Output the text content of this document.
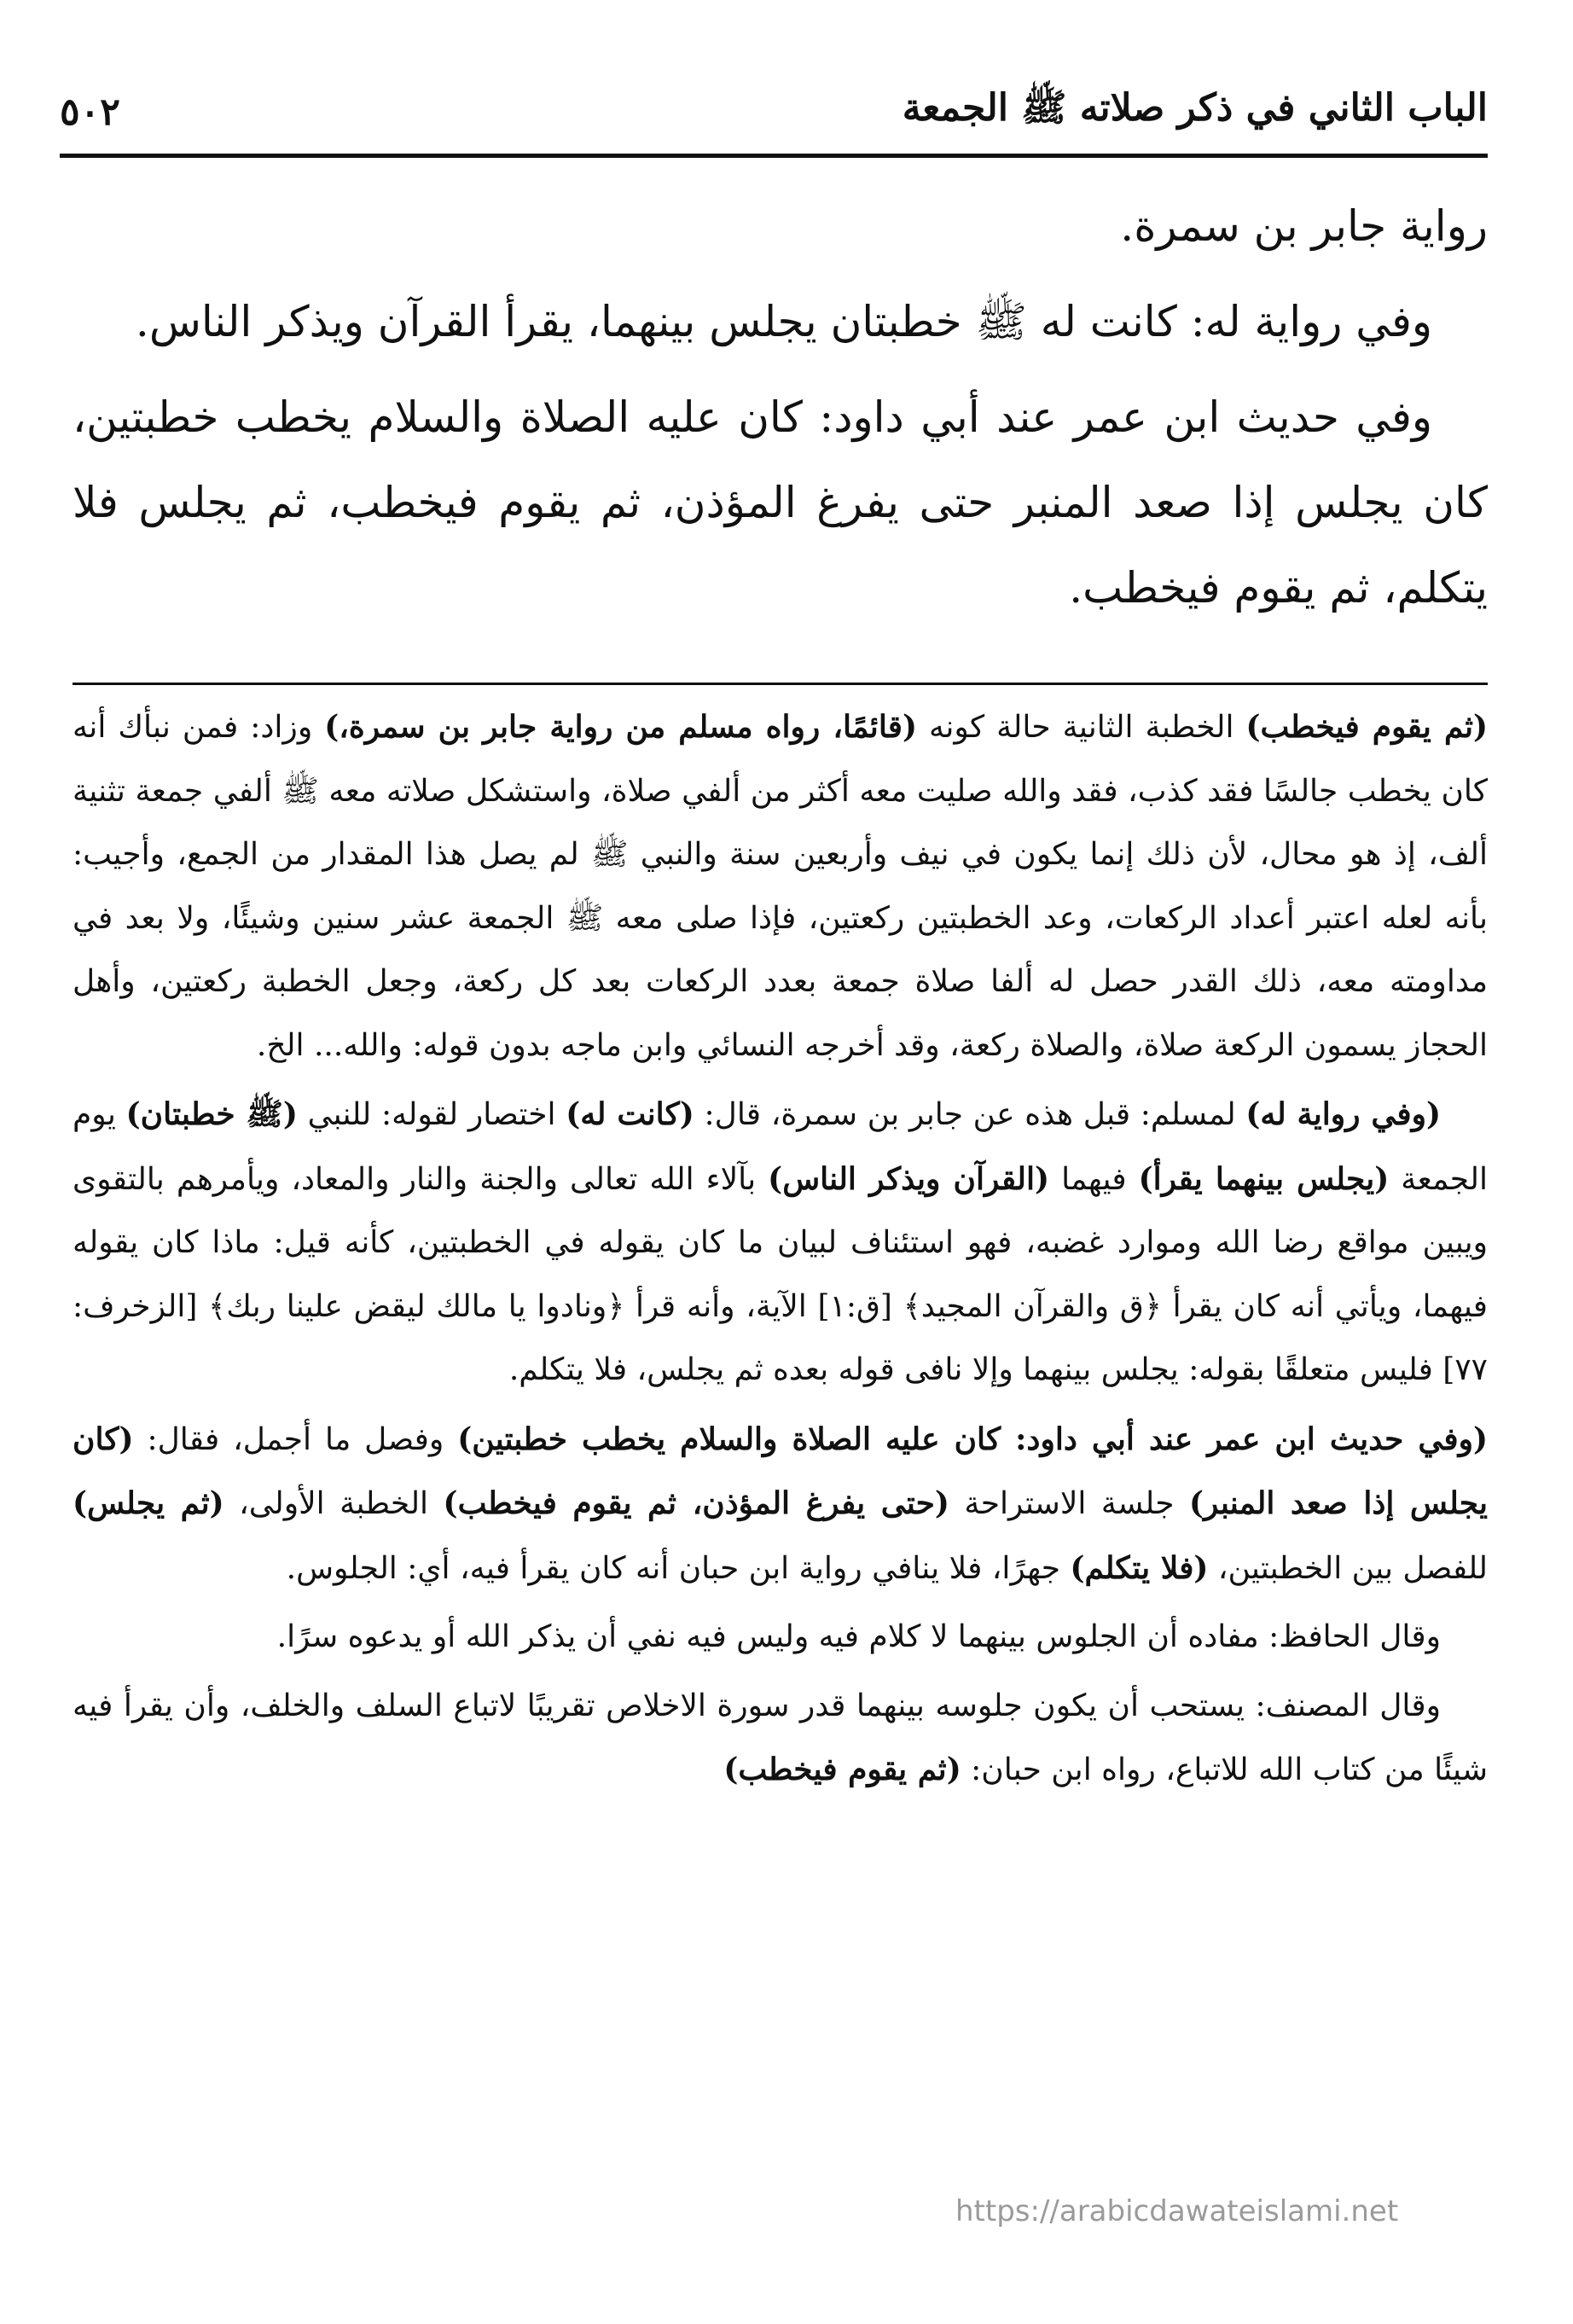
الباب الثاني في ذكر صلاته ﷺ الجمعة
٥٠٢

رواية جابر بن سمرة.

وفي رواية له: كانت له ﷺ خطبتان يجلس بينهما، يقرأ القرآن ويذكر الناس.

وفي حديث ابن عمر عند أبي داود: كان عليه الصلاة والسلام يخطب خطبتين، كان يجلس إذا صعد المنبر حتى يفرغ المؤذن، ثم يقوم فيخطب، ثم يجلس فلا يتكلم، ثم يقوم فيخطب.

(ثم يقوم فيخطب) الخطبة الثانية حالة كونه (قائمًا، رواه مسلم من رواية جابر بن سمرة،) وزاد: فمن نبأك أنه كان يخطب جالسًا فقد كذب، فقد والله صليت معه أكثر من ألفي صلاة، واستشكل صلاته معه ﷺ ألفي جمعة تثنية ألف، إذ هو محال، لأن ذلك إنما يكون في نيف وأربعين سنة والنبي ﷺ لم يصل هذا المقدار من الجمع، وأجيب: بأنه لعله اعتبر أعداد الركعات، وعد الخطبتين ركعتين، فإذا صلى معه ﷺ الجمعة عشر سنين وشيئًا، ولا بعد في مداومته معه، ذلك القدر حصل له ألفا صلاة جمعة بعدد الركعات بعد كل ركعة، وجعل الخطبة ركعتين، وأهل الحجاز يسمون الركعة صلاة، والصلاة ركعة، وقد أخرجه النسائي وابن ماجه بدون قوله: والله... الخ.

(وفي رواية له) لمسلم: قبل هذه عن جابر بن سمرة، قال: (كانت له) اختصار لقوله: للنبي (ﷺ خطبتان) يوم الجمعة (يجلس بينهما يقرأ) فيهما (القرآن ويذكر الناس) بآلاء الله تعالى والجنة والنار والمعاد، ويأمرهم بالتقوى ويبين مواقع رضا الله وموارد غضبه، فهو استئناف لبيان ما كان يقوله في الخطبتين، كأنه قيل: ماذا كان يقوله فيهما، ويأتي أنه كان يقرأ ﴿ق والقرآن المجيد﴾ [ق:١] الآية، وأنه قرأ ﴿ونادوا يا مالك ليقض علينا ربك﴾ [الزخرف: ٧٧] فليس متعلقًا بقوله: يجلس بينهما وإلا نافى قوله بعده ثم يجلس، فلا يتكلم.

(وفي حديث ابن عمر عند أبي داود: كان عليه الصلاة والسلام يخطب خطبتين) وفصل ما أجمل، فقال: (كان يجلس إذا صعد المنبر) جلسة الاستراحة (حتى يفرغ المؤذن، ثم يقوم فيخطب) الخطبة الأولى، (ثم يجلس) للفصل بين الخطبتين، (فلا يتكلم) جهرًا، فلا ينافي رواية ابن حبان أنه كان يقرأ فيه، أي: الجلوس.

وقال الحافظ: مفاده أن الجلوس بينهما لا كلام فيه وليس فيه نفي أن يذكر الله أو يدعوه سرًا.

وقال المصنف: يستحب أن يكون جلوسه بينهما قدر سورة الاخلاص تقريبًا لاتباع السلف والخلف، وأن يقرأ فيه شيئًا من كتاب الله للاتباع، رواه ابن حبان: (ثم يقوم فيخطب)

https://arabicdawateislami.net
